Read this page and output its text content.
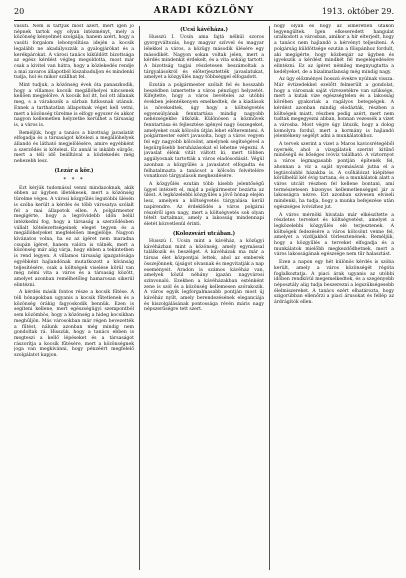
20	ARADI KÖZLÖNY	1913. október 29.

vasúti. Nem is tartjuk most azért, mert igen jó népnek tartok egy olyan intézményt, mely a közönség kényelmét szolgálja, hanem azért, hogy a vasúti forgalom lebonyolítása idején a kocsik legalább ne akadályozzák a gyalogjárókat és a kerékpárokat. A városi tanács kiküldött bizottsága az egész kérdést végleg megoldotta, most már csak a kivitel van hátra, hogy a közlekedés rendje a mai zavaros állapotból kiszabaduljon és mindenki tudja, hol és mikor szállhat fel.

Mint tudjuk, a közönség évek óta panaszkodik, hogy a villamos kocsik megállóhelyei nincsenek kellően megjelölve. A kocsik hol itt, hol ott állanak meg, s a várakozók a sárban futkosnak utánuk. Ennek a tarthatatlan állapotnak véget kell vetni, mert a közönség türelme is elfogy egyszer és akkor nagyon kellemetlen helyzetbe kerülhet a társaság is, a város is.

Reméljük, hogy a tanács a bizottság javaslatát elfogadja és a társaságot kötelezi a megállóhelyek állandó és látható megjelölésére, amire egyébként a szerződés is kötelezi. Ez annál is inkább sürgős, mert a téli idő beálltával a közlekedés még nehezebb lesz.

(Lezár a kör.)
* * *

Ezt kérjük tudomásul venni mindazoknak, akik ebben az ügyben illetékesek, mert a közönség türelme véges. A városi közgyűlés legutóbbi ülésén is szóba került a kérdés és több városatya szólalt fel a mai állapotok ellen. A polgármester megígérte, hogy a legrövidebb időn belül intézkedni fog, hogy a társaság a szerződésben vállalt kötelezettségeinek eleget tegyen és a megállóhelyeket megfelelően megjelölje. Nagyon kívánatos volna, ha ez az ígéret nem maradna csupán ígéret, hanem valóra is válnék, mert a közönség már alig várja, hogy ebben a tekintetben is rend legyen. A villamos társaság igazgatósága egyébként hajlandónak mutatkozott a kívánság teljesítésére, csak a költségek viselése körül van még némi vita a város és a társaság között, amelyet azonban remélhetőleg hamarosan sikerül elintézni.

A kérdés másik fontos része a kocsik fűtése. A téli hónapokban ugyanis a kocsik fűtetlenek és a közönség órákig fagyoskodik bennük. Ezen is segíteni kellene, mert egészségügyi szempontból sem közömbös, hogy a közönség a hideg kocsikban meghűljön. Más városokban már régen bevezették a fűtést, nálunk azonban még mindig nem gondoltak rá. Hisszük, hogy a tanács ebben is megteszi a kellő lépéseket és a társaságot rászorítja a kocsik fűtésére, mert a közönségnek joga van megkívánni, hogy pénzéért megfelelő szolgálatot kapjon.

(Ucsi kávéháza.)

Husszú I. Ucsin ama fajtá nélkül szoros gyorgyváltozás, hogy magyar szívvel és magyar lélekkel a város, a közügy második ülésére egy másodikét. Nagyon sokan voltak jelen, mert a kérdés mindenkit érdekelt, és a vita sokáig tartott. A bizottság tagjai részletesen beszámoltak a tárgyalásokról és előterjesztették javaslatukat, amelyet a közgyűlés nagy többséggel elfogadott.

Ezután a polgármester szólalt fel és hosszabb beszédben ismertette a város pénzügyi helyzetét. Kifejtette, hogy a város bevételei az utóbbi években jelentékenyen emelkedtek, de a kiadások is növekedtek, úgy hogy a költségvetés egyensúlyának fenntartása mindig nagyobb nehézségekbe ütközik. Különösen a közművek fenntartása és fejlesztése igényel nagy összegeket, amelyeket csak kölcsön útján lehet előteremteni. A polgármester ezért javasolta, hogy a város vegyen fel egy nagyobb kölcsönt, amelynek segítségével a legsürgősebb beruházásokat el lehetne végezni. A javaslat élénk vitát váltott ki, mert többen aggályosnak tartották a város eladósodását. Végül azonban a közgyűlés a javaslatot elfogadta és felhatalmazta a tanácsot a kölcsön felvételére vonatkozó tárgyalások megkezdésére.

A közgyűlés ezután több kisebb jelentőségű ügyet intézett el, majd a polgármester bezárta az ülést. A legközelebbi közgyűlés a jövő hónap elején lesz, amelyen a költségvetés tárgyalása kerül napirendre. Az érdeklődés a város polgárai részéről igen nagy, mert a költségvetés sok olyan tételt tartalmaz, amely a lakosság mindennapi életét közvetlenül érinti.

(Kolozsvári utcában.)

Husszú I. Ucsin mint a kávéház, a közügyi kávéházban mint a közönség, amely egymással találkozik és beszélget. A kávéházak ma már a társas élet központjai lettek, ahol az emberek összejönnek, újságot olvasnak és megvitatják a nap eseményeit. Aradon is számos kávéház van, amelyek közül néhány igazán nagyvárosi színvonalú. Ezekben a kávéházakban esténként zene is szól és a közönség kellemesen szórakozik. A város egyik legforgalmasabb pontján most új kávéház nyílt, amely berendezésének eleganciája és kiszolgálásának pontossága révén máris nagy népszerűségre tett szert.

hogy olyan és hogy az ismeretlen utakon legyengültek. Igen elkeseredett hangulat uralkodott a városban, amikor a hír elterjedt, hogy a tanács nem hajlandó a kérvényt teljesíteni. A polgárság küldöttsége ezután a főispánhoz fordult, aki megígérte, hogy közbenjár az ügyben és igyekszik a kérdést mindkét fél megelégedésére elintézni. Ez az ígéret némileg megnyugtatta a kedélyeket, de a bizalmatlanság még mindig nagy.

Az ügy előzményei hosszú évekre nyúlnak vissza. Már évtizedekkel ezelőtt felmerült a gondolat, hogy a városnak saját vízvezetékre van szüksége, mert a kutak vize egészségtelen és a lakosság körében gyakoriak a ragályos betegségek. A kérdést azonban mindig elodázták, részben a költségek miatt, részben pedig azért, mert nem tudtak megegyezni abban, honnan vezessék a vizet a városba. Most végre úgy látszik, hogy a dolog komolyra fordul, mert a kormány is hajlandó jelentékeny segélyt adni a munkálatokhoz.

A tervek szerint a vizet a Maros kavicsrétegéből nyernék, ahol a vizsgálatok szerint kitűnő minőségű és bőséges ivóvíz található. A víztornyot a város legmagasabb pontján építenék fel, ahonnan a víz a saját nyomásával jutna el a legtávolabbi házakba is. A csőhálózat kiépítése körülbelül két évig tartana, és a munkálatok alatt a város utcáit részben fel kellene bontani, ami természetesen bizonyos kellemetlenséggel jár a lakosságra nézve. Ezt azonban szívesen elviseli mindenki, ha tudja, hogy a munka befejezése után egészséges ivóvízhez jut.

A város mérnöki hivatala már elkészítette a részletes terveket és költségvetést, amelyet a legközelebbi közgyűlés elé terjesztenek. A költségek fedezésére a város kölcsönt venne fel, amelyet a vízdíjakból törlesztenének. Reméljük, hogy a közgyűlés a terveket elfogadja és a munkálatok mielőbb megkezdődhetnek, mert a város lakosságának egészsége nem tűr halasztást.

Ezen a napon egy hét különös kérdés is szóba került, amely a város közönségét régóta foglalkoztatja. A piaci árak ugyanis az utóbbi időben rendkívül megemelkedtek, és a szegényebb néposztály alig tudja beszerezni a legszükségesebb élelmiszereket. A tanács ezért elhatározta, hogy szigorúbban ellenőrzi a piaci árusokat és fellép az árdrágítók ellen.
